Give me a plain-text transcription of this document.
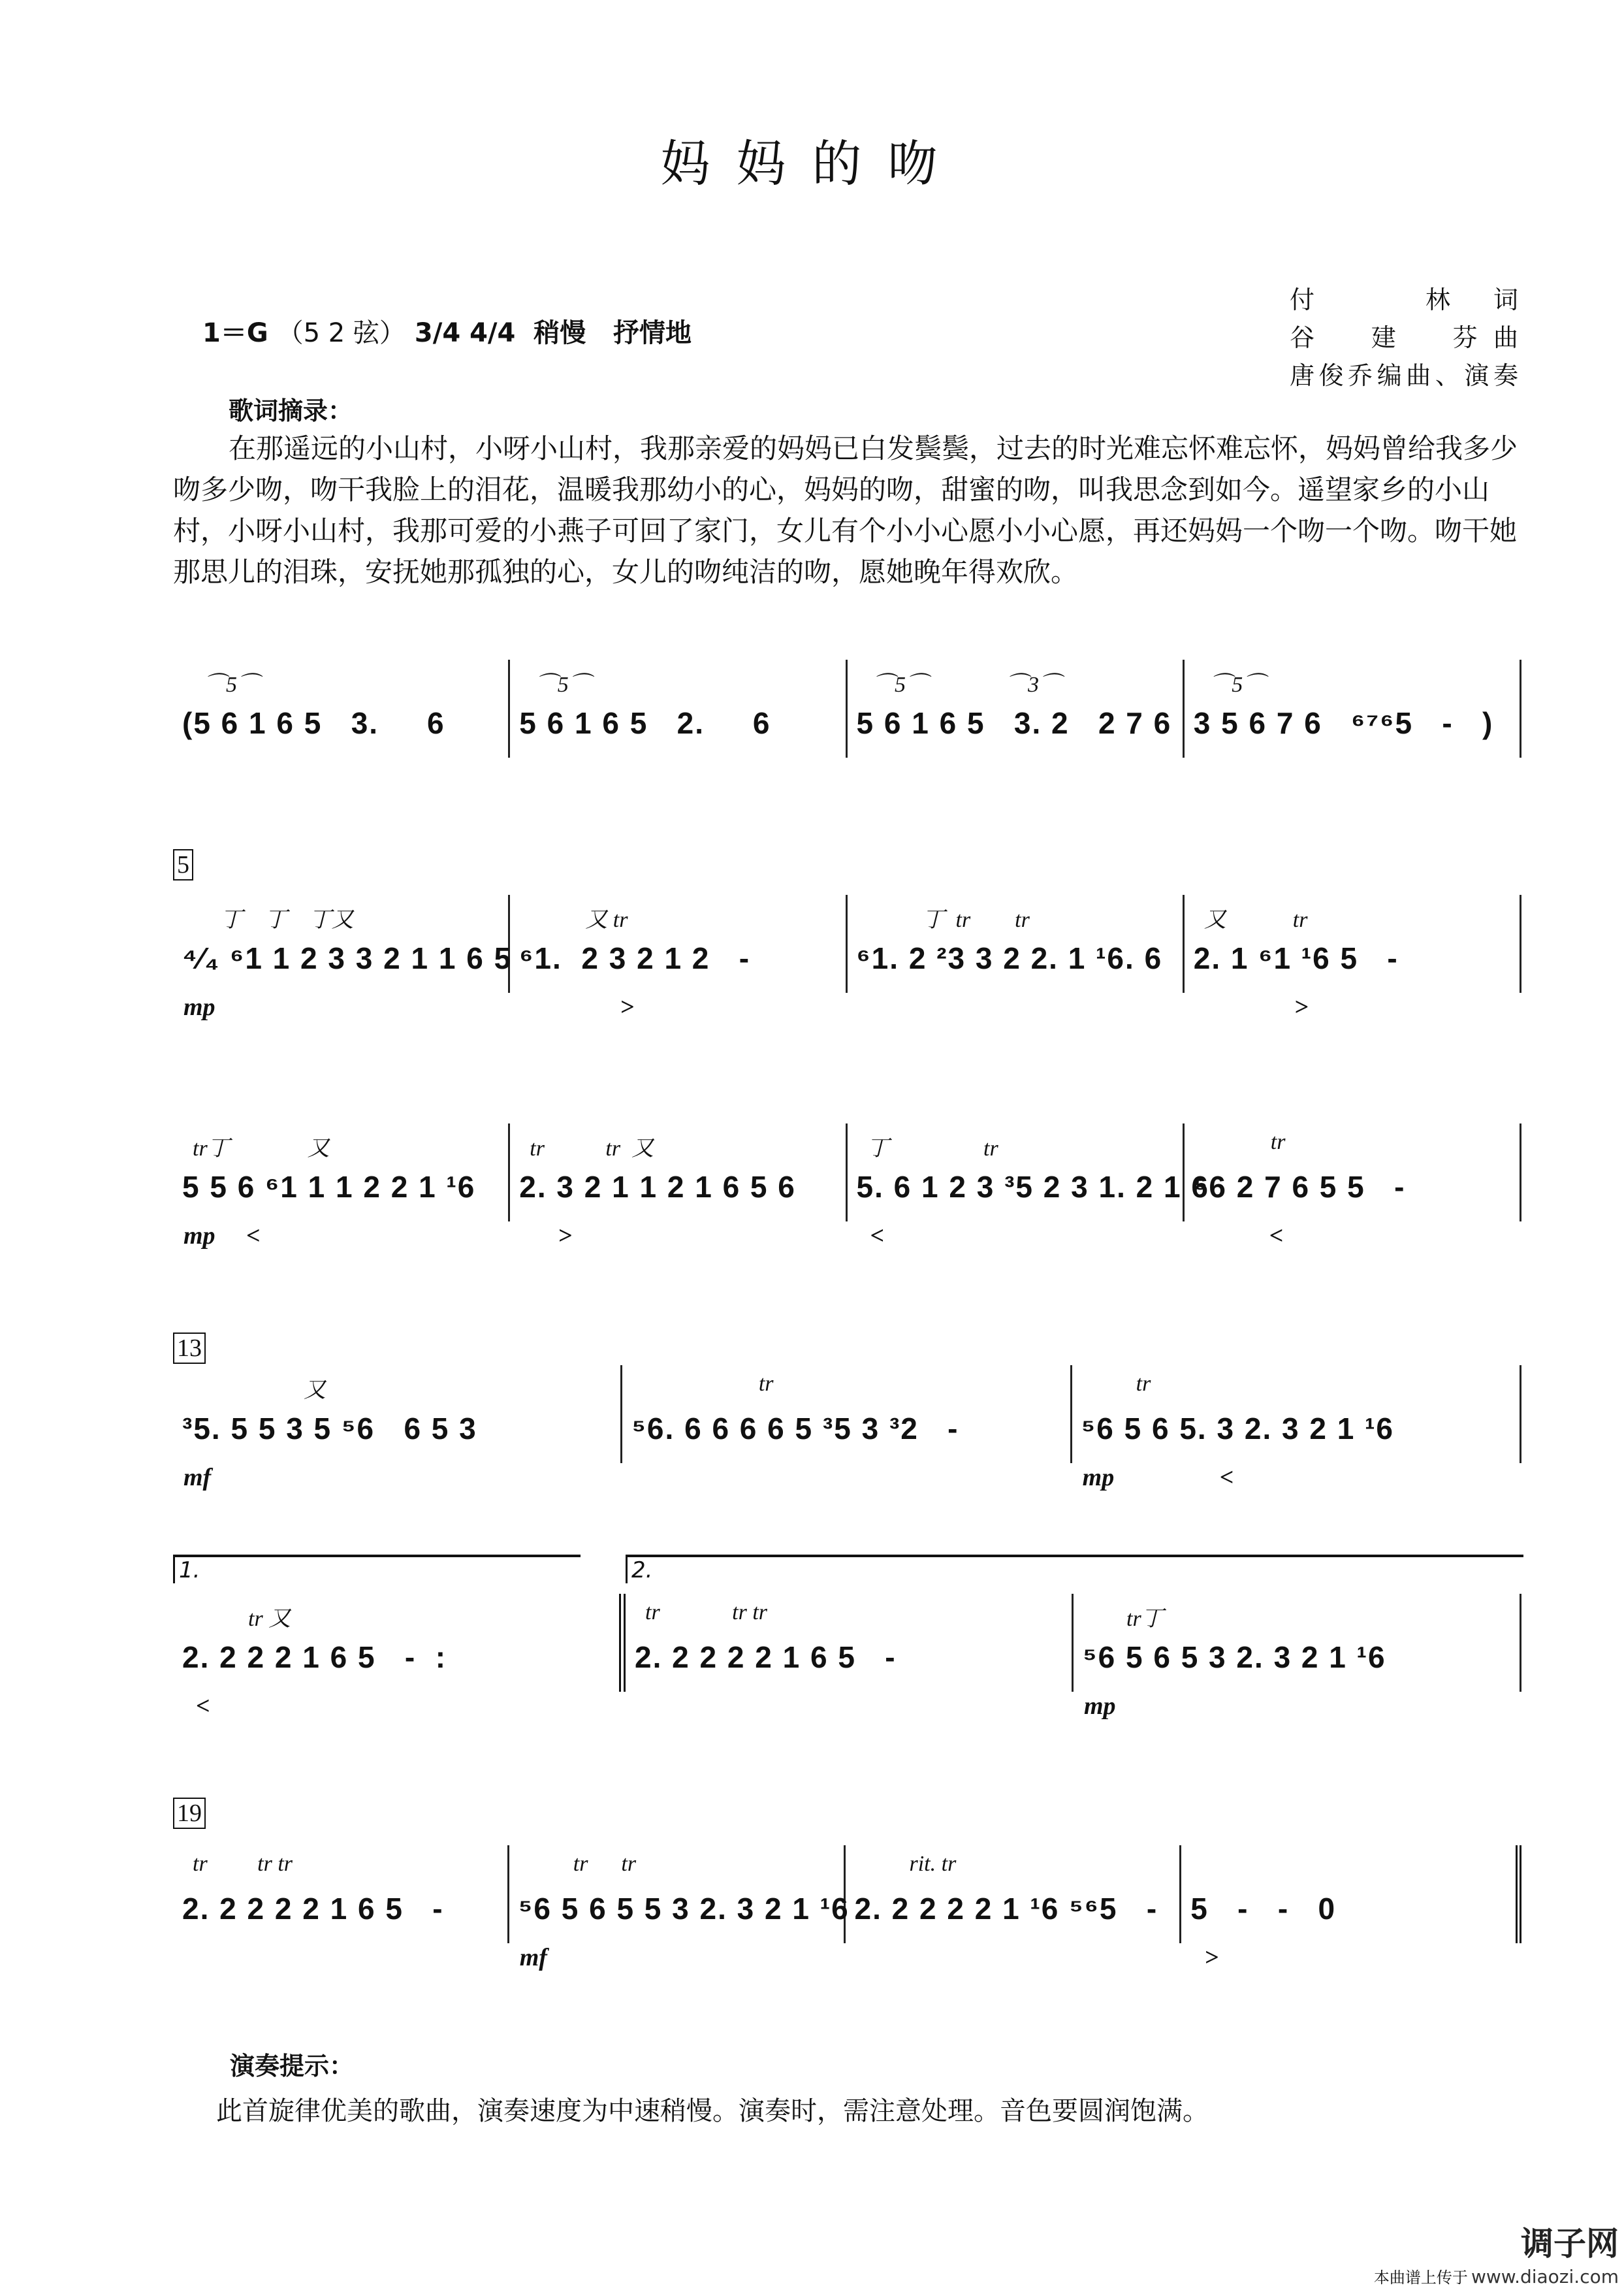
妈妈的吻
1＝G （5 2 弦） 3/4 4/4 稍慢 抒情地
付　林词
谷　建　芬曲
唐俊乔编曲、演奏
歌词摘录：
在那遥远的小山村，小呀小山村，我那亲爱的妈妈已白发鬓鬓，过去的时光难忘怀难忘怀，妈妈曾给我多少吻多少吻，吻干我脸上的泪花，温暖我那幼小的心，妈妈的吻，甜蜜的吻，叫我思念到如今。遥望家乡的小山村，小呀小山村，我那可爱的小燕子可回了家门，女儿有个小小心愿小小心愿，再还妈妈一个吻一个吻。吻干她那思儿的泪珠，安抚她那孤独的心，女儿的吻纯洁的吻，愿她晚年得欢欣。
⌒5⌒
(5 6 1 6 5   3.     6
⌒5⌒
5 6 1 6 5   2.     6
⌒5⌒              ⌒3⌒
5 6 1 6 5   3. 2   2 7 6
⌒5⌒
3 5 6 7 6   ⁶⁷⁶5   -   )
5
丁    丁    丁又
⁴⁄₄ ⁶1 1 2 3 3 2 1 1 6 5
mp
又 tr
⁶1.  2 3 2 1 2   -
>
丁  tr        tr
⁶1. 2 ²3 3 2 2. 1 ¹6. 6
又            tr
2. 1 ⁶1 ¹6 5   -
>
tr丁              又
5 5 6 ⁶1 1 1 2 2 1 ¹6
mp     <
tr           tr  又
2. 3 2 1 1 2 1 6 5 6
>
丁                 tr
5. 6 1 2 3 ³5 2 3 1. 2 1 6
<
tr
⁵6 2 7 6 5 5   -
<
13
又
³5. 5 5 3 5 ⁵6   6 5 3
mf
tr
⁵6. 6 6 6 6 5 ³5 3 ³2   -
tr
⁵6 5 6 5. 3 2. 3 2 1 ¹6
mp                 <
tr 又
2. 2 2 2 1 6 5   -  :
<
1.
tr             tr tr
2. 2 2 2 2 1 6 5   -
2.
tr丁
⁵6 5 6 5 3 2. 3 2 1 ¹6
mp
19
tr         tr tr
2. 2 2 2 2 1 6 5   -
tr      tr
⁵6 5 6 5 5 3 2. 3 2 1 ¹6
mf
rit. tr
2. 2 2 2 2 1 ¹6 ⁵⁶5   - 5   -   -   0
>
演奏提示：
此首旋律优美的歌曲，演奏速度为中速稍慢。演奏时，需注意处理。音色要圆润饱满。
调子网
本曲谱上传于 www.diaozi.com
